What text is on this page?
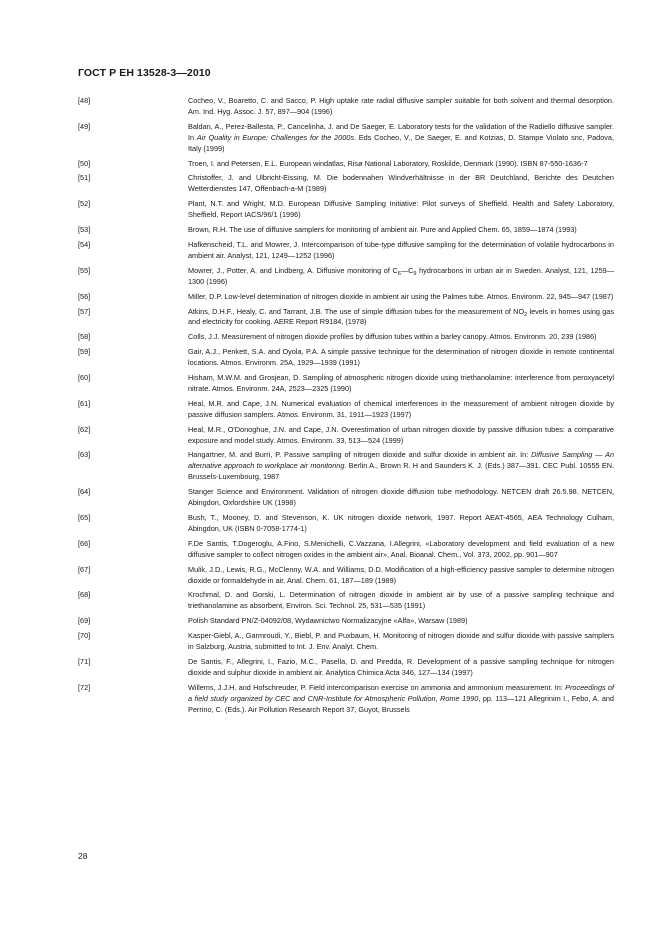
ГОСТ Р ЕН 13528-3—2010
[48]	Cocheo, V., Boaretto, C. and Sacco, P. High uptake rate radial diffusive sampler suitable for both solvent and thermal desorption. Am. Ind. Hyg. Assoc. J. 57, 897—904 (1996)
[49]	Baldan, A., Perez-Ballesta, P., Cancelinha, J. and De Saeger, E. Laboratory tests for the validation of the Radiello diffusive sampler. In Air Quality in Europe: Challenges for the 2000s. Eds Cocheo, V., De Saeger, E. and Kotzias, D. Stampe Violato snc, Padova, Italy (1999)
[50]	Troen, I. and Petersen, E.L. European windatlas, Risø National Laboratory, Roskilde, Denmark (1990). ISBN 87-550-1636-7
[51]	Christoffer, J. and Ulbricht-Eissing, M. Die bodennahen Windverhältnisse in der BR Deutchland, Berichte des Deutchen Wetterdienstes 147, Offenbach-a-M (1989)
[52]	Plant, N.T. and Wright, M.D. European Diffusive Sampling Initiative: Pilot surveys of Sheffield. Health and Safety Laboratory, Sheffield, Report IACS/96/1 (1996)
[53]	Brown, R.H. The use of diffusive samplers for monitoring of ambient air. Pure and Applied Chem. 65, 1859—1874 (1993)
[54]	Hafkenscheid, T.L. and Mowrer, J. Intercomparison of tube-type diffusive sampling for the determination of volatile hydrocarbons in ambient air. Analyst, 121, 1249—1252 (1996)
[55]	Mowrer, J., Potter, A. and Lindberg, A. Diffusive monitoring of $C_6—C_9$ hydrocarbons in urban air in Sweden. Analyst, 121, 1259—1300 (1996)
[56]	Miller, D.P. Low-level determination of nitrogen dioxide in ambient air using the Palmes tube. Atmos. Environm. 22, 945—947 (1987)
[57]	Atkins, D.H.F., Healy, C. and Tarrant, J.B. The use of simple diffusion tubes for the measurement of $NO_2$ levels in homes using gas and electricity for cooking. AERE Report R9184, (1978)
[58]	Colls, J.J. Measurement of nitrogen dioxide profiles by diffusion tubes within a barley canopy. Atmos. Environm. 20, 239 (1986)
[59]	Gair, A.J., Penkett, S.A. and Oyola, P.A. A simple passive technique for the determination of nitrogen dioxide in remote continental locations. Atmos. Environm. 25A, 1929—1939 (1991)
[60]	Hisham, M.W.M. and Grosjean, D. Sampling of atmospheric nitrogen dioxide using triethanolamine: interference from peroxyacetyl nitrate. Atmos. Environm. 24A, 2523—2325 (1990)
[61]	Heal, M.R. and Cape, J.N. Numerical evaluation of chemical interferences in the measurement of ambient nitrogen dioxide by passive diffusion samplers. Atmos. Environm. 31, 1911—1923 (1997)
[62]	Heal, M.R., O'Donoghue, J.N. and Cape, J.N. Overestimation of urban nitrogen dioxide by passive diffusion tubes: a comparative exposure and model study. Atmos. Environm. 33, 513—524 (1999)
[63]	Hangartner, M. and Burri, P. Passive sampling of nitrogen dioxide and sulfur dioxide in ambient air. In: Diffusive Sampling — An alternative approach to workplace air monitoring. Berlin A., Brown R. H and Saunders K. J. (Eds.) 387—391. CEC Publ. 10555 EN. Brussels-Luxembourg, 1987
[64]	Stanger Science and Environment. Validation of nitrogen dioxide diffusion tube methodology. NETCEN draft 26.5.98. NETCEN, Abingdon, Oxfordshire UK (1998)
[65]	Bush, T., Mooney, D. and Stevenson, K. UK nitrogen dioxide network, 1997. Report AEAT-4565, AEA Technology Culham, Abingdon, UK (ISBN 0-7058-1774-1)
[66]	F.De Santis, T.Dogeroglu, A.Fino, S.Menichelli, C.Vazzana, I.Allegrini, «Laboratory development and field evaluation of a new diffusive sampler to collect nitrogen oxides in the ambient air», Anal. Bioanal. Chem., Vol. 373, 2002, pp. 901—907
[67]	Mulik, J.D., Lewis, R.G., McClenny, W.A. and Williams, D.D. Modification of a high-efficiency passive sampler to determine nitrogen dioxide or formaldehyde in air. Anal. Chem. 61, 187—189 (1989)
[68]	Krochmal, D. and Gorski, L. Determination of nitrogen dioxide in ambient air by use of a passive sampling technique and triethanolamine as absorbent, Environ. Sci. Technol. 25, 531—535 (1991)
[69]	Polish Standard PN/Z-04092/08, Wydawnictwo Normalizacyjne «Alfa», Warsaw (1989)
[70]	Kasper-Giebl, A., Garmroudi, Y., Biebl, P. and Puxbaum, H. Monitoring of nitrogen dioxide and sulfur dioxide with passive samplers in Salzburg, Austria, submitted to Int. J. Env. Analyt. Chem.
[71]	De Santis, F., Allegrini, I., Fazio, M.C., Pasella, D. and Piredda, R. Development of a passive sampling technique for nitrogen dioxide and sulphur dioxide in ambient air. Analytica Chimica Acta 346, 127—134 (1997)
[72]	Willems, J.J.H. and Hofschreuder, P. Field intercomparison exercise on ammonia and ammonium measurement. In: Proceedings of a field study organized by CEC and CNR-Institute for Atmospheric Pollution, Rome 1990, pp. 113—121 Allegrinim I., Febo, A. and Perrino, C. (Eds.). Air Pollution Research Report 37, Guyot, Brussels
28
